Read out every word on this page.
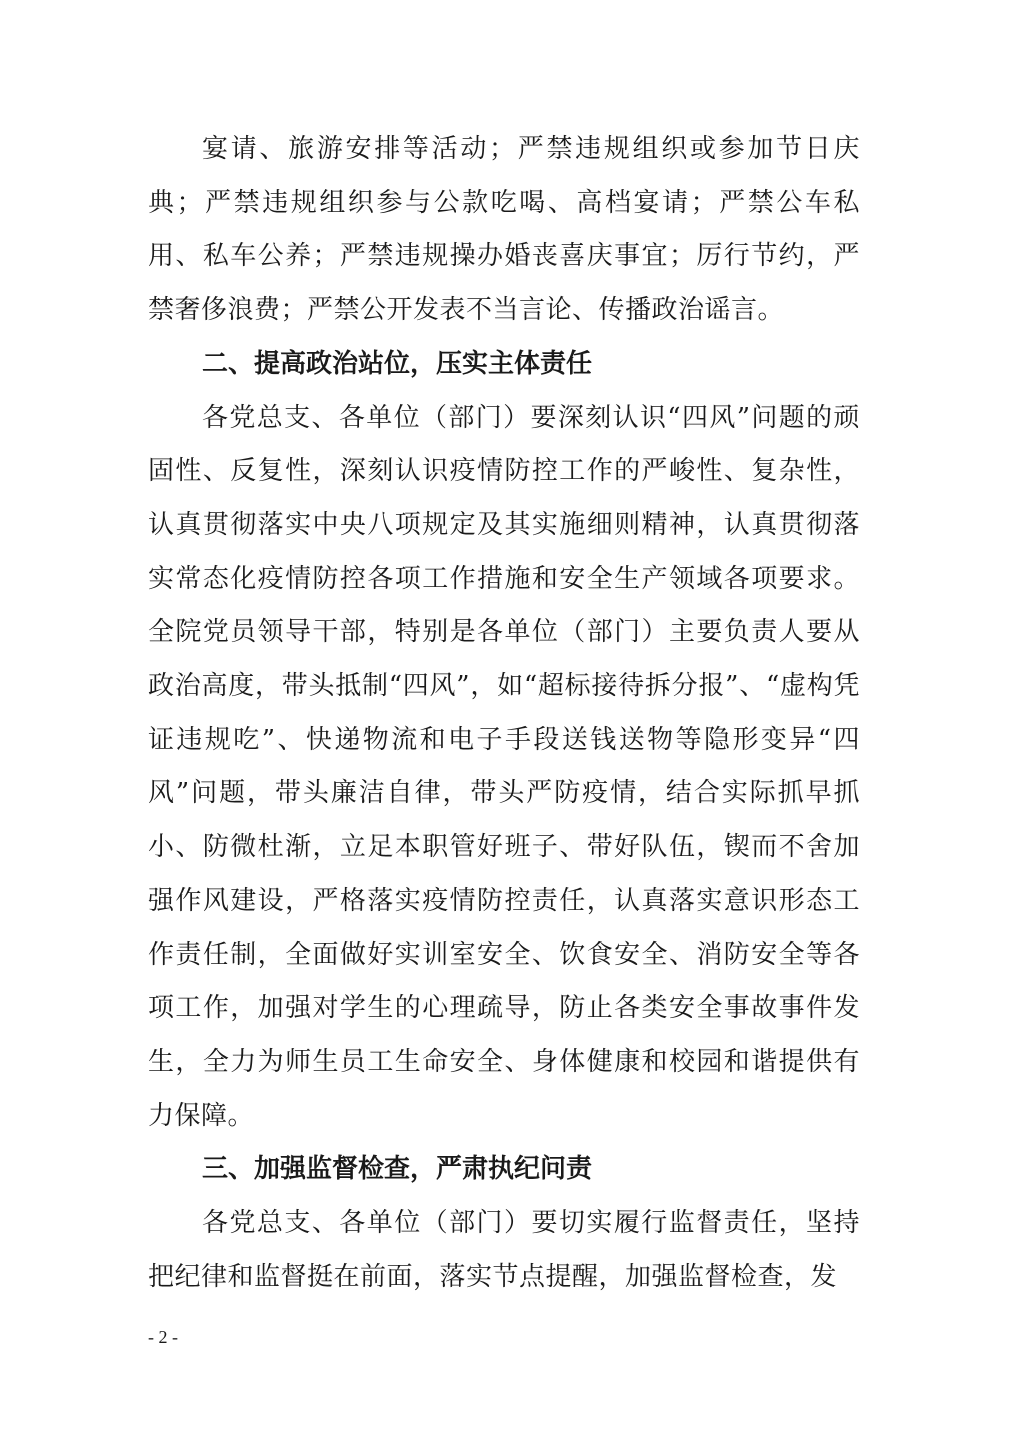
宴请、旅游安排等活动；严禁违规组织或参加节日庆典；严禁违规组织参与公款吃喝、高档宴请；严禁公车私用、私车公养；严禁违规操办婚丧喜庆事宜；厉行节约，严禁奢侈浪费；严禁公开发表不当言论、传播政治谣言。

二、提高政治站位，压实主体责任

各党总支、各单位（部门）要深刻认识“四风”问题的顽固性、反复性，深刻认识疫情防控工作的严峻性、复杂性，认真贯彻落实中央八项规定及其实施细则精神，认真贯彻落实常态化疫情防控各项工作措施和安全生产领域各项要求。全院党员领导干部，特别是各单位（部门）主要负责人要从政治高度，带头抵制“四风”，如“超标接待拆分报”、“虚构凭证违规吃”、快递物流和电子手段送钱送物等隐形变异“四风”问题，带头廉洁自律，带头严防疫情，结合实际抓早抓小、防微杜渐，立足本职管好班子、带好队伍，锲而不舍加强作风建设，严格落实疫情防控责任，认真落实意识形态工作责任制，全面做好实训室安全、饮食安全、消防安全等各项工作，加强对学生的心理疏导，防止各类安全事故事件发生，全力为师生员工生命安全、身体健康和校园和谐提供有力保障。

三、加强监督检查，严肃执纪问责

各党总支、各单位（部门）要切实履行监督责任，坚持把纪律和监督挺在前面，落实节点提醒，加强监督检查，发

- 2 -
